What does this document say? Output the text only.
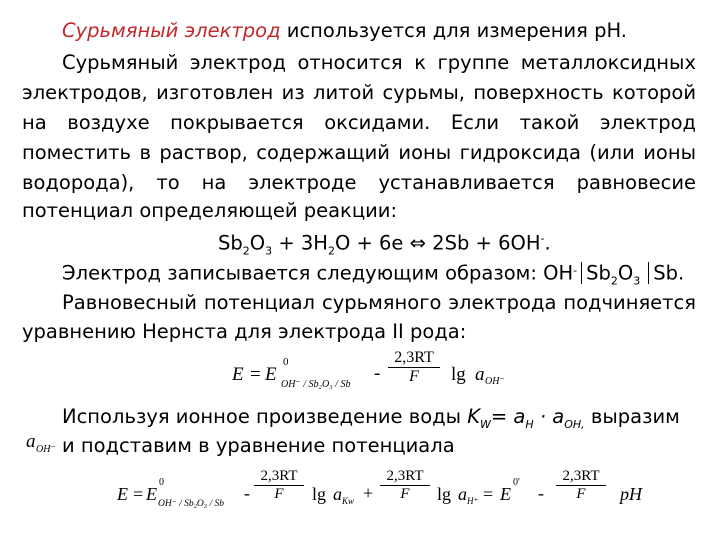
Сурьмяный электрод используется для измерения pH.
Сурьмяный электрод относится к группе металлоксидных
электродов, изготовлен из литой сурьмы, поверхность которой
на воздухе покрывается оксидами. Если такой электрод
поместить в раствор, содержащий ионы гидроксида (или ионы
водорода), то на электроде устанавливается равновесие
потенциал определяющей реакции:
$Sb_2O_3 + 3H_2O + 6e$ ⇔ 2Sb + 6OH-.
Электрод записывается следующим образом: OH- $Sb_2O_3$ Sb.
Равновесный потенциал сурьмяного электрода подчиняется
уравнению Нернста для электрода II рода:
E = E
0
OH⁻ / Sb₂O₃ / Sb
-
2,3RT
F	lg a OH⁻
Используя ионное произведение воды $K_W= a_H \cdot a_{OH,}$ выразим
a OH⁻ и подставим в уравнение потенциала
E = E
0
OH⁻ / Sb₂O₃ / Sb
-
2,3RT
F	lg a Kw +
2,3RT
F	lg a H⁺ = E
0'
-
2,3RT
F	pH
